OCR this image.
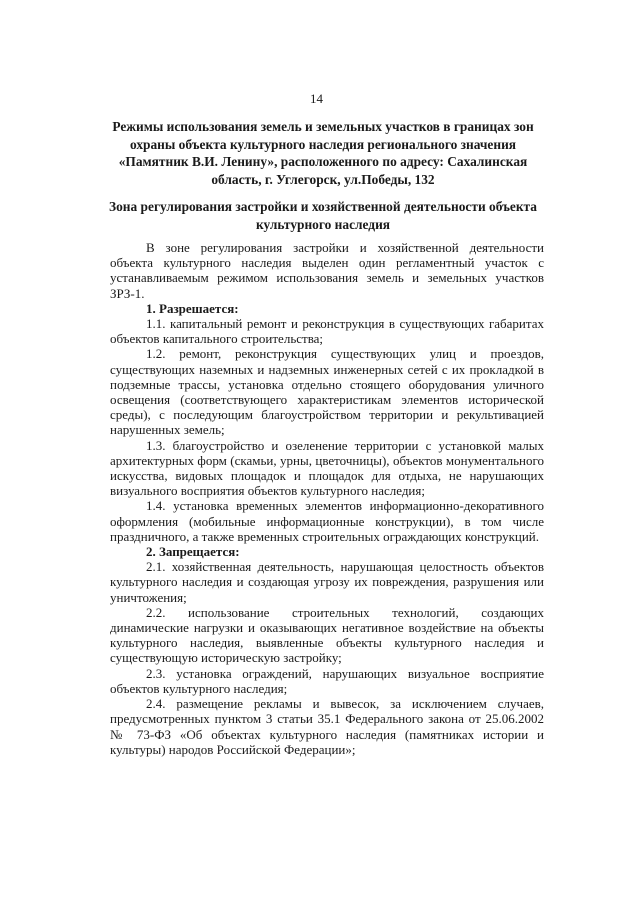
14
Режимы использования земель и земельных участков в границах зон охраны объекта культурного наследия регионального значения «Памятник В.И. Ленину», расположенного по адресу: Сахалинская область, г. Углегорск, ул.Победы, 132
Зона регулирования застройки и хозяйственной деятельности объекта культурного наследия

В зоне регулирования застройки и хозяйственной деятельности объекта культурного наследия выделен один регламентный участок с устанавливаемым режимом использования земель и земельных участков ЗРЗ-1.

1. Разрешается:

1.1. капитальный ремонт и реконструкция в существующих габаритах объектов капитального строительства;

1.2. ремонт, реконструкция существующих улиц и проездов, существующих наземных и надземных инженерных сетей с их прокладкой в подземные трассы, установка отдельно стоящего оборудования уличного освещения (соответствующего характеристикам элементов исторической среды), с последующим благоустройством территории и рекультивацией нарушенных земель;

1.3. благоустройство и озеленение территории с установкой малых архитектурных форм (скамьи, урны, цветочницы), объектов монументального искусства, видовых площадок и площадок для отдыха, не нарушающих визуального восприятия объектов культурного наследия;

1.4. установка временных элементов информационно-декоративного оформления (мобильные информационные конструкции), в том числе праздничного, а также временных строительных ограждающих конструкций.

2. Запрещается:

2.1. хозяйственная деятельность, нарушающая целостность объектов культурного наследия и создающая угрозу их повреждения, разрушения или уничтожения;

2.2. использование строительных технологий, создающих динамические нагрузки и оказывающих негативное воздействие на объекты культурного наследия, выявленные объекты культурного наследия и существующую историческую застройку;

2.3. установка ограждений, нарушающих визуальное восприятие объектов культурного наследия;

2.4. размещение рекламы и вывесок, за исключением случаев, предусмотренных пунктом 3 статьи 35.1 Федерального закона от 25.06.2002 № 73-ФЗ «Об объектах культурного наследия (памятниках истории и культуры) народов Российской Федерации»;
